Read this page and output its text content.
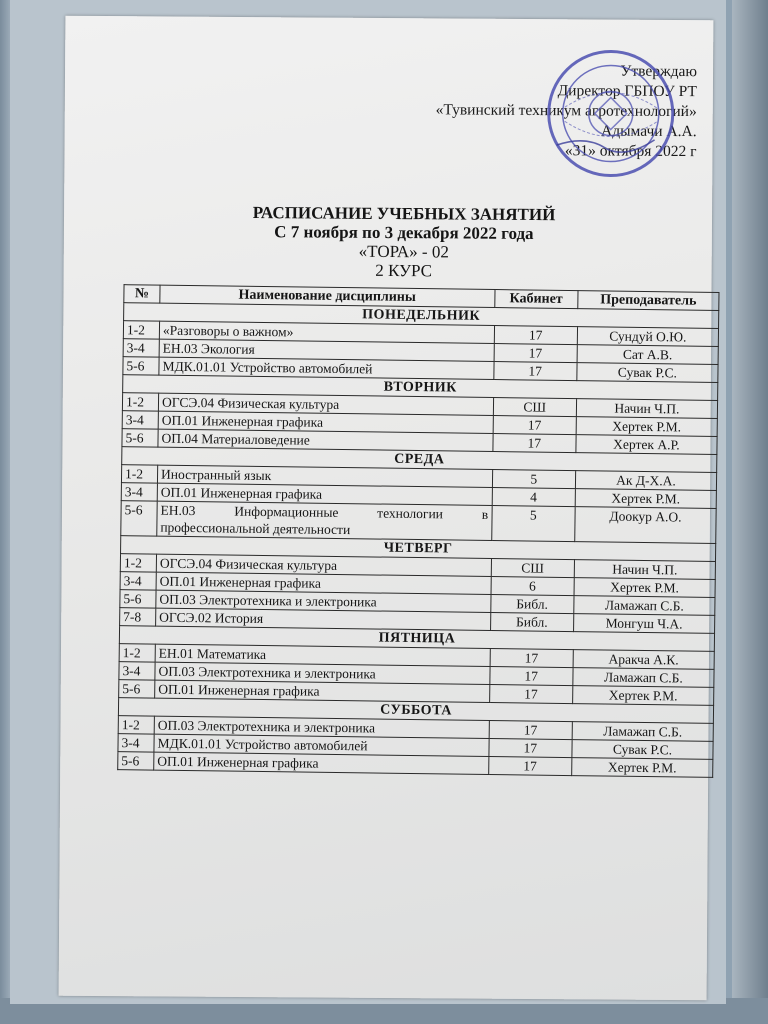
Утверждаю
Директор ГБПОУ РТ
«Тувинский техникум агротехнологий»
Адымачи А.А.
«31» октября 2022 г
РАСПИСАНИЕ УЧЕБНЫХ ЗАНЯТИЙ
С 7 ноября по 3 декабря 2022 года
«ТОРА» - 02
2 КУРС
№	Наименование дисциплины	Кабинет	Преподаватель
ПОНЕДЕЛЬНИК			
1-2	«Разговоры о важном»	17	Сундуй О.Ю.
3-4	ЕН.03 Экология	17	Сат А.В.
5-6	МДК.01.01 Устройство автомобилей	17	Сувак Р.С.
ВТОРНИК			
1-2	ОГСЭ.04 Физическая культура	СШ	Начин Ч.П.
3-4	ОП.01 Инженерная графика	17	Хертек Р.М.
5-6	ОП.04 Материаловедение	17	Хертек А.Р.
СРЕДА			
1-2	Иностранный язык	5	Ак Д-Х.А.
3-4	ОП.01 Инженерная графика	4	Хертек Р.М.
5-6	ЕН.03 Информационные технологии в профессиональной деятельности	5	Доокур А.О.
ЧЕТВЕРГ			
1-2	ОГСЭ.04 Физическая культура	СШ	Начин Ч.П.
3-4	ОП.01 Инженерная графика	6	Хертек Р.М.
5-6	ОП.03 Электротехника и электроника	Библ.	Ламажап С.Б.
7-8	ОГСЭ.02 История	Библ.	Монгуш Ч.А.
ПЯТНИЦА			
1-2	ЕН.01 Математика	17	Аракча А.К.
3-4	ОП.03 Электротехника и электроника	17	Ламажап С.Б.
5-6	ОП.01 Инженерная графика	17	Хертек Р.М.
СУББОТА			
1-2	ОП.03 Электротехника и электроника	17	Ламажап С.Б.
3-4	МДК.01.01 Устройство автомобилей	17	Сувак Р.С.
5-6	ОП.01 Инженерная графика	17	Хертек Р.М.
